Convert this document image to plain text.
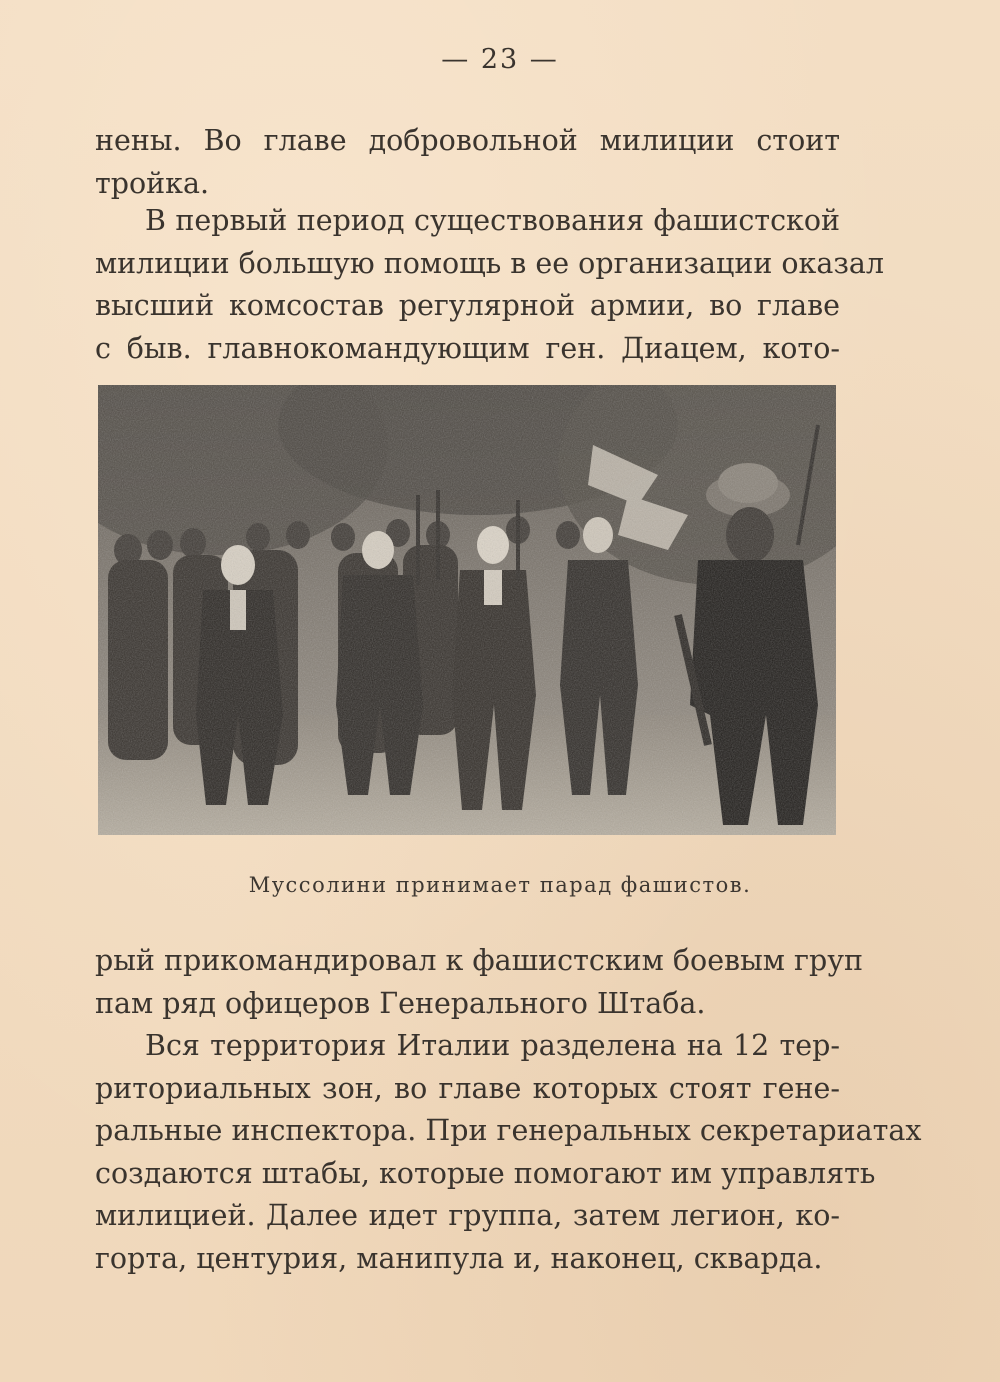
— 23 —
нены. Во главе добровольной милиции стоит
тройка.
В первый период существования фашистской
милиции большую помощь в ее организации оказал
высший комсостав регулярной армии, во главе
с быв. главнокомандующим ген. Диацем, кото-
Муссолини принимает парад фашистов.
рый прикомандировал к фашистским боевым груп
пам ряд офицеров Генерального Штаба.
Вся территория Италии разделена на 12 тер-
риториальных зон, во главе которых стоят гене-
ральные инспектора. При генеральных секретариатах
создаются штабы, которые помогают им управлять
милицией. Далее идет группа, затем легион, ко-
горта, центурия, манипула и, наконец, скварда.
